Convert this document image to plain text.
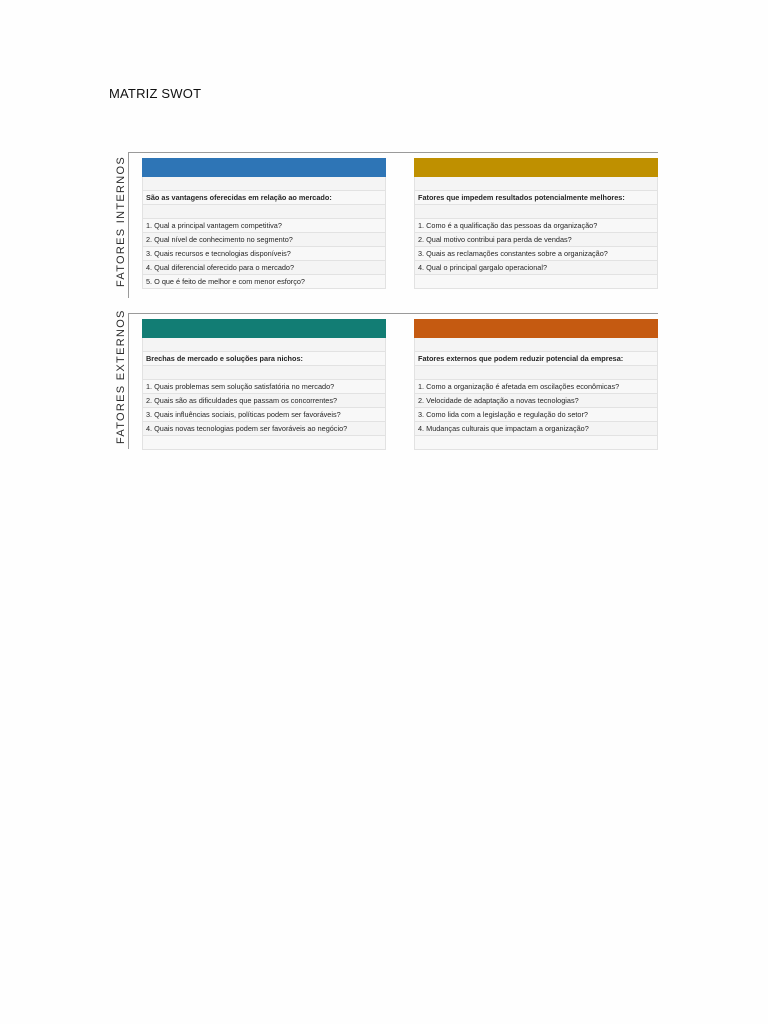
MATRIZ SWOT
FATORES INTERNOS	São as vantagens oferecidas em relação ao mercado:
1. Qual a principal vantagem competitiva?
2. Qual nível de conhecimento no segmento?
3. Quais recursos e tecnologias disponíveis?
4. Qual diferencial oferecido para o mercado?
5. O que é feito de melhor e com menor esforço?
Fatores que impedem resultados potencialmente melhores:
1. Como é a qualificação das pessoas da organização?
2. Qual motivo contribui para perda de vendas?
3. Quais as reclamações constantes sobre a organização?
4. Qual o principal gargalo operacional?
FATORES EXTERNOS	Brechas de mercado e soluções para nichos:
1. Quais problemas sem solução satisfatória no mercado?
2. Quais são as dificuldades que passam os concorrentes?
3. Quais influências sociais, políticas podem ser favoráveis?
4. Quais novas tecnologias podem ser favoráveis ao negócio?
Fatores externos que podem reduzir potencial da empresa:
1. Como a organização é afetada em oscilações econômicas?
2. Velocidade de adaptação a novas tecnologias?
3. Como lida com a legislação e regulação do setor?
4. Mudanças culturais que impactam a organização?
